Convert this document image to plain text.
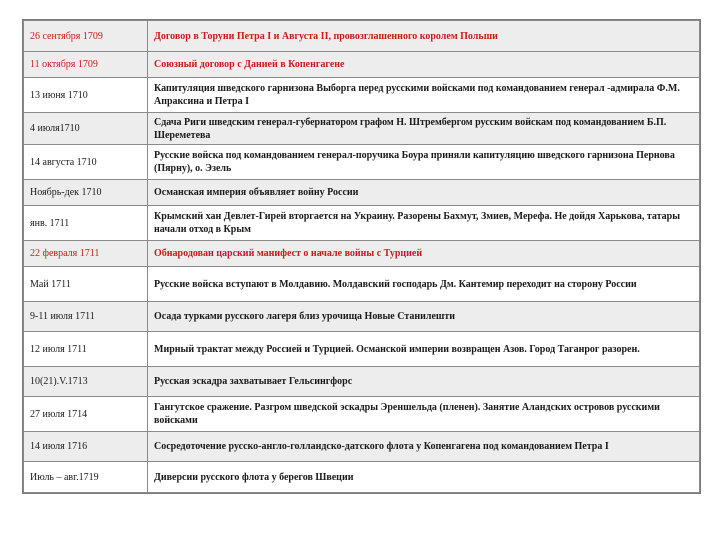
26 сентября 1709	Договор в Торуни Петра I и Августа II, провозглашенного королем Польши
11 октября 1709	Союзный договор с Данией в Копенгагене
13 июня 1710	Капитуляция шведского гарнизона Выборга перед русскими войсками под командованием генерал -адмирала Ф.М. Апраксина и Петра I
4 июля1710	Сдача Риги шведским генерал-губернатором графом Н. Штрембергом русским войскам под командованием Б.П. Шереметева
14 августа 1710	Русские войска под командованием генерал-поручика Боура приняли капитуляцию шведского гарнизона Пернова (Пярну), о. Эзель
Ноябрь-дек 1710	Османская империя объявляет войну России
янв. 1711	Крымский хан Девлет-Гирей вторгается на Украину. Разорены Бахмут, Змиев, Мерефа. Не дойдя Харькова, татары начали отход в Крым
22 февраля 1711	Обнародован царский манифест о начале войны с Турцией
Май 1711	Русские войска вступают в Молдавию. Молдавский господарь Дм. Кантемир переходит на сторону России
9-11 июля 1711	Осада турками русского лагеря близ урочища Новые Станилешти
12 июля 1711	Мирный трактат между Россией и Турцией. Османской империи возвращен Азов. Город Таганрог разорен.
10(21).V.1713	Русская эскадра захватывает Гельсингфорс
27 июля 1714	Гангутское сражение. Разгром шведской эскадры Эреншельда (пленен). Занятие Аландских островов русскими войсками
14 июля 1716	Сосредоточение русско-англо-голландско-датского флота у Копенгагена под командованием Петра I
Июль – авг.1719	Диверсии русского флота у берегов Швеции
